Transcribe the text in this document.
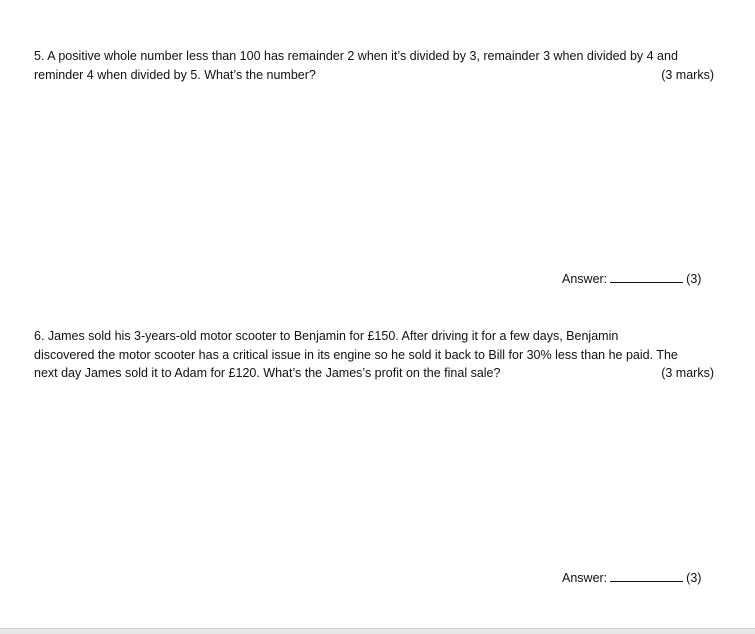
5. A positive whole number less than 100 has remainder 2 when it’s divided by 3, remainder 3 when divided by 4 and
reminder 4 when divided by 5. What’s the number?	(3 marks)
Answer:	(3)
6. James sold his 3-years-old motor scooter to Benjamin for £150. After driving it for a few days, Benjamin
discovered the motor scooter has a critical issue in its engine so he sold it back to Bill for 30% less than he paid. The
next day James sold it to Adam for £120. What’s the James’s profit on the final sale?	(3 marks)
Answer:	(3)
